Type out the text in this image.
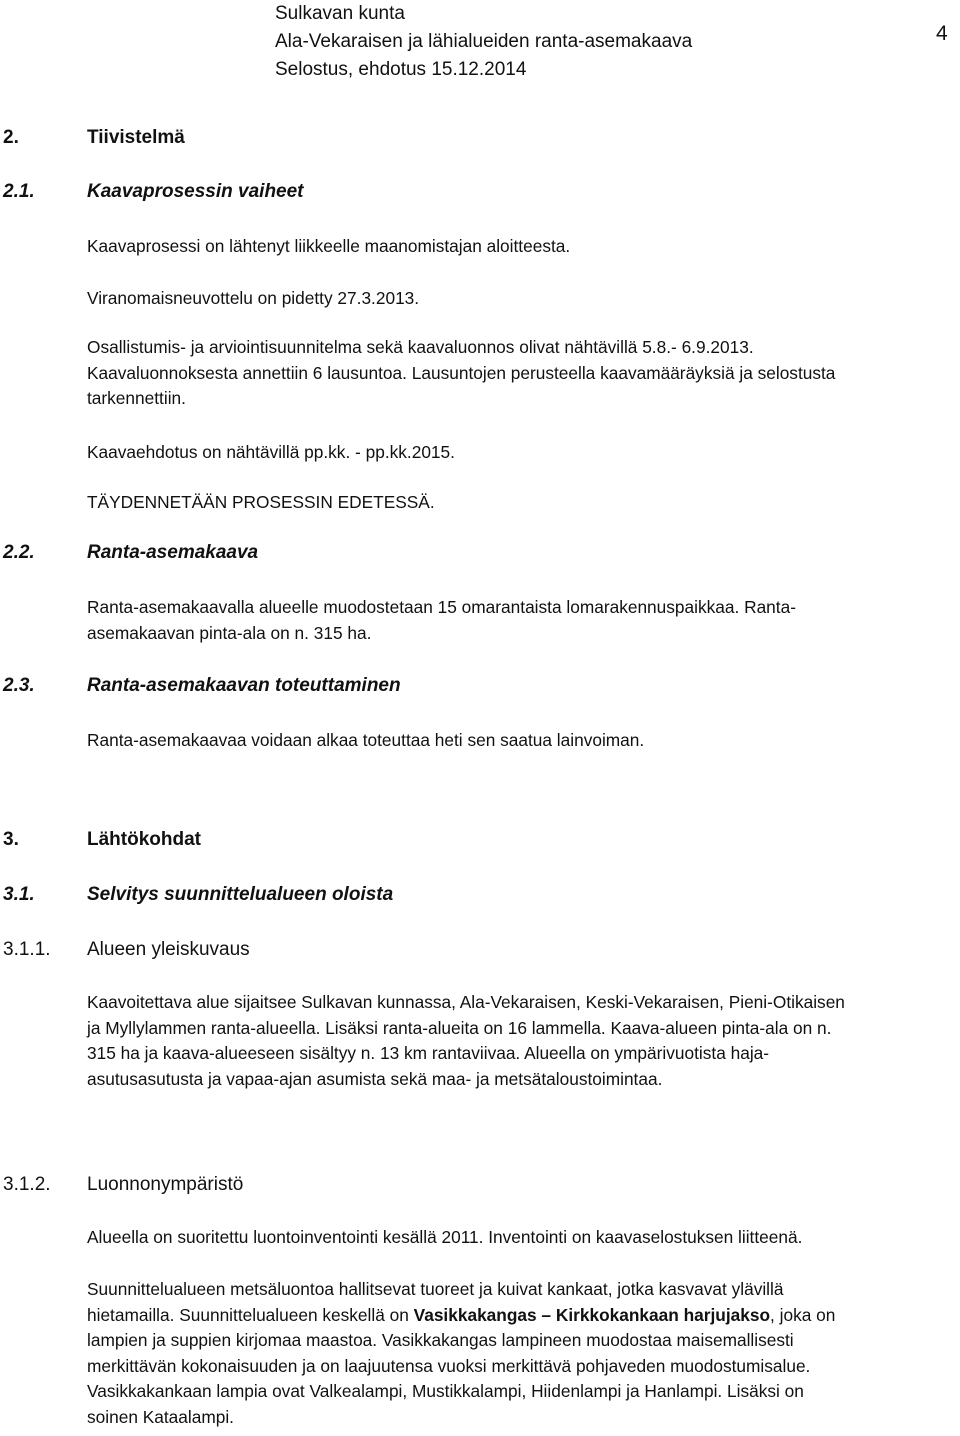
Sulkavan kunta
Ala-Vekaraisen ja lähialueiden ranta-asemakaava
Selostus, ehdotus 15.12.2014
4
2.	Tiivistelmä
2.1.	Kaavaprosessin vaiheet
Kaavaprosessi on lähtenyt liikkeelle maanomistajan aloitteesta.
Viranomaisneuvottelu on pidetty 27.3.2013.
Osallistumis- ja arviointisuunnitelma sekä kaavaluonnos olivat nähtävillä 5.8.- 6.9.2013.
Kaavaluonnoksesta annettiin 6 lausuntoa. Lausuntojen perusteella kaavamääräyksiä ja selostusta
tarkennettiin.
Kaavaehdotus on nähtävillä pp.kk. - pp.kk.2015.
TÄYDENNETÄÄN PROSESSIN EDETESSÄ.
2.2.	Ranta-asemakaava
Ranta-asemakaavalla alueelle muodostetaan 15 omarantaista lomarakennuspaikkaa. Ranta-
asemakaavan pinta-ala on n. 315 ha.
2.3.	Ranta-asemakaavan toteuttaminen
Ranta-asemakaavaa voidaan alkaa toteuttaa heti sen saatua lainvoiman.
3.	Lähtökohdat
3.1.	Selvitys suunnittelualueen oloista
3.1.1. Alueen yleiskuvaus
Kaavoitettava alue sijaitsee Sulkavan kunnassa, Ala-Vekaraisen, Keski-Vekaraisen, Pieni-Otikaisen
ja Myllylammen ranta-alueella. Lisäksi ranta-alueita on 16 lammella. Kaava-alueen pinta-ala on n.
315 ha ja kaava-alueeseen sisältyy n. 13 km rantaviivaa. Alueella on ympärivuotista haja-
asutusasutusta ja vapaa-ajan asumista sekä maa- ja metsätaloustoimintaa.
3.1.2. Luonnonympäristö
Alueella on suoritettu luontoinventointi kesällä 2011. Inventointi on kaavaselostuksen liitteenä.
Suunnittelualueen metsäluontoa hallitsevat tuoreet ja kuivat kankaat, jotka kasvavat ylävillä
hietamailla. Suunnittelualueen keskellä on Vasikkakangas – Kirkkokankaan harjujakso, joka on
lampien ja suppien kirjomaa maastoa. Vasikkakangas lampineen muodostaa maisemallisesti
merkittävän kokonaisuuden ja on laajuutensa vuoksi merkittävä pohjaveden muodostumisalue.
Vasikkakankaan lampia ovat Valkealampi, Mustikkalampi, Hiidenlampi ja Hanlampi. Lisäksi on
soinen Kataalampi.
